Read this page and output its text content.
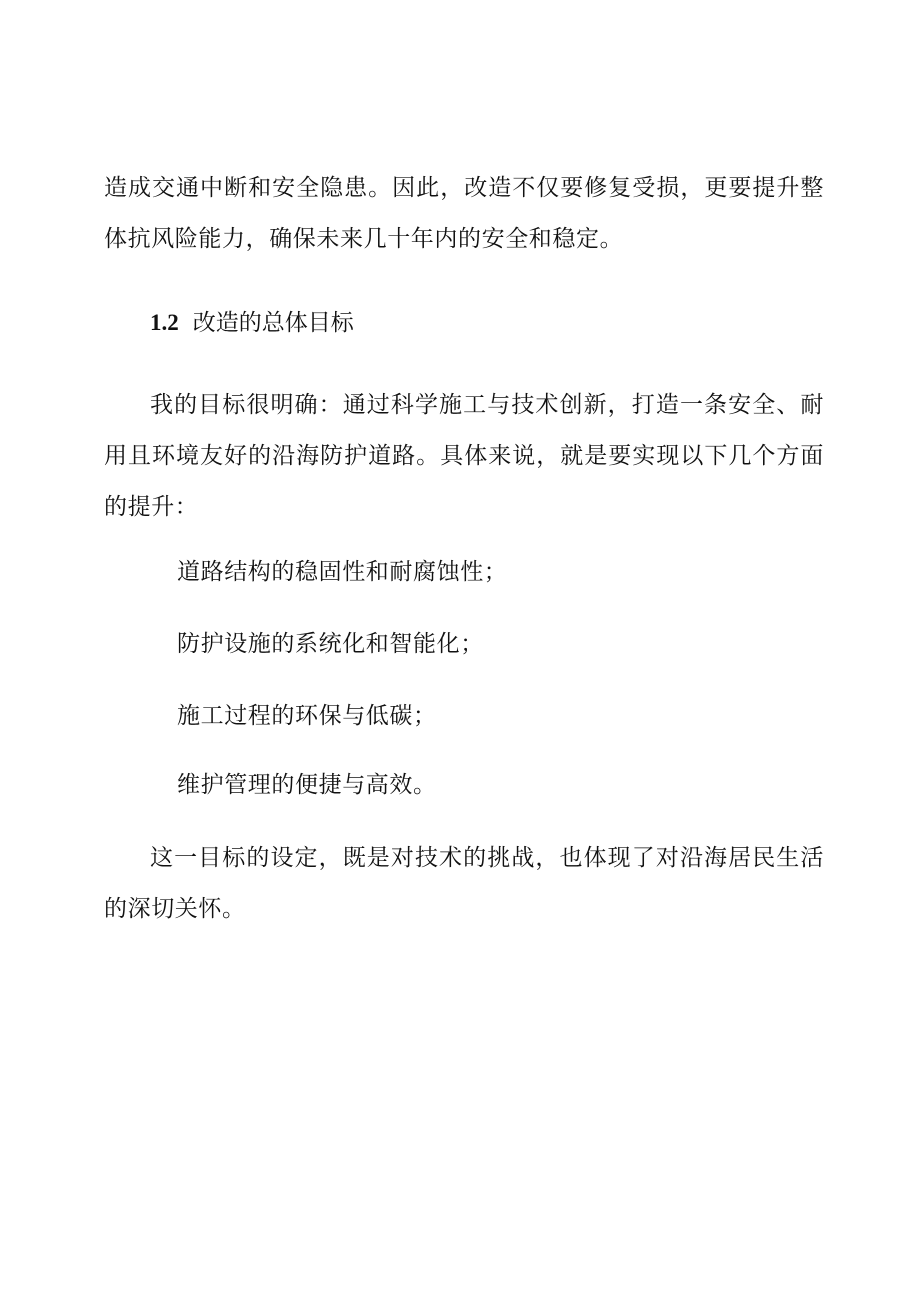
造成交通中断和安全隐患。因此，改造不仅要修复受损，更要提升整体抗风险能力，确保未来几十年内的安全和稳定。

1.2 改造的总体目标

我的目标很明确：通过科学施工与技术创新，打造一条安全、耐用且环境友好的沿海防护道路。具体来说，就是要实现以下几个方面的提升：

道路结构的稳固性和耐腐蚀性；
防护设施的系统化和智能化；
施工过程的环保与低碳；
维护管理的便捷与高效。

这一目标的设定，既是对技术的挑战，也体现了对沿海居民生活的深切关怀。
